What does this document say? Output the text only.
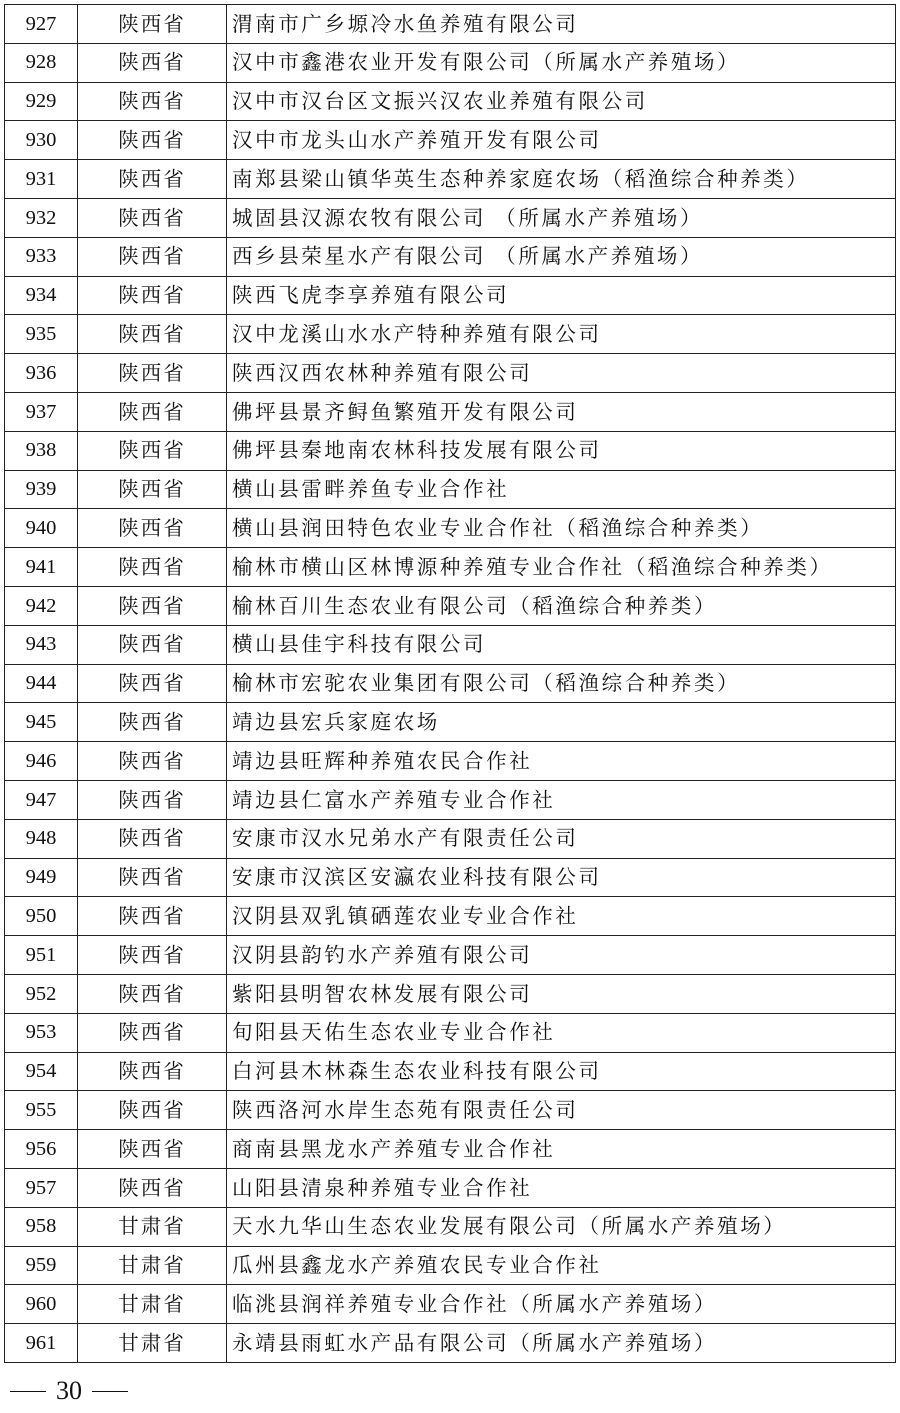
927	陕西省	渭南市广乡塬冷水鱼养殖有限公司
928	陕西省	汉中市鑫港农业开发有限公司（所属水产养殖场）
929	陕西省	汉中市汉台区文振兴汉农业养殖有限公司
930	陕西省	汉中市龙头山水产养殖开发有限公司
931	陕西省	南郑县梁山镇华英生态种养家庭农场（稻渔综合种养类）
932	陕西省	城固县汉源农牧有限公司 （所属水产养殖场）
933	陕西省	西乡县荣星水产有限公司 （所属水产养殖场）
934	陕西省	陕西飞虎李享养殖有限公司
935	陕西省	汉中龙溪山水水产特种养殖有限公司
936	陕西省	陕西汉西农林种养殖有限公司
937	陕西省	佛坪县景齐鲟鱼繁殖开发有限公司
938	陕西省	佛坪县秦地南农林科技发展有限公司
939	陕西省	横山县雷畔养鱼专业合作社
940	陕西省	横山县润田特色农业专业合作社（稻渔综合种养类）
941	陕西省	榆林市横山区林博源种养殖专业合作社（稻渔综合种养类）
942	陕西省	榆林百川生态农业有限公司（稻渔综合种养类）
943	陕西省	横山县佳宇科技有限公司
944	陕西省	榆林市宏驼农业集团有限公司（稻渔综合种养类）
945	陕西省	靖边县宏兵家庭农场
946	陕西省	靖边县旺辉种养殖农民合作社
947	陕西省	靖边县仁富水产养殖专业合作社
948	陕西省	安康市汉水兄弟水产有限责任公司
949	陕西省	安康市汉滨区安瀛农业科技有限公司
950	陕西省	汉阴县双乳镇硒莲农业专业合作社
951	陕西省	汉阴县韵钓水产养殖有限公司
952	陕西省	紫阳县明智农林发展有限公司
953	陕西省	旬阳县天佑生态农业专业合作社
954	陕西省	白河县木林森生态农业科技有限公司
955	陕西省	陕西洛河水岸生态苑有限责任公司
956	陕西省	商南县黑龙水产养殖专业合作社
957	陕西省	山阳县清泉种养殖专业合作社
958	甘肃省	天水九华山生态农业发展有限公司（所属水产养殖场）
959	甘肃省	瓜州县鑫龙水产养殖农民专业合作社
960	甘肃省	临洮县润祥养殖专业合作社（所属水产养殖场）
961	甘肃省	永靖县雨虹水产品有限公司（所属水产养殖场）
30
